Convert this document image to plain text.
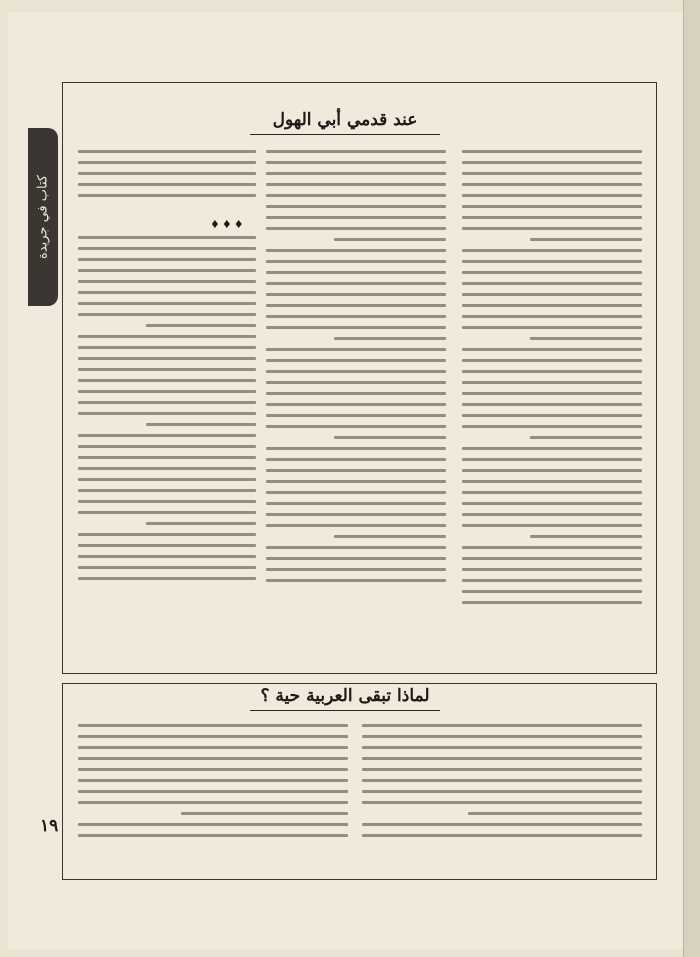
كتاب في جريدة
١٩
عند قدمي أبي الهول
♦♦♦
لماذا تبقى العربية حية ؟
